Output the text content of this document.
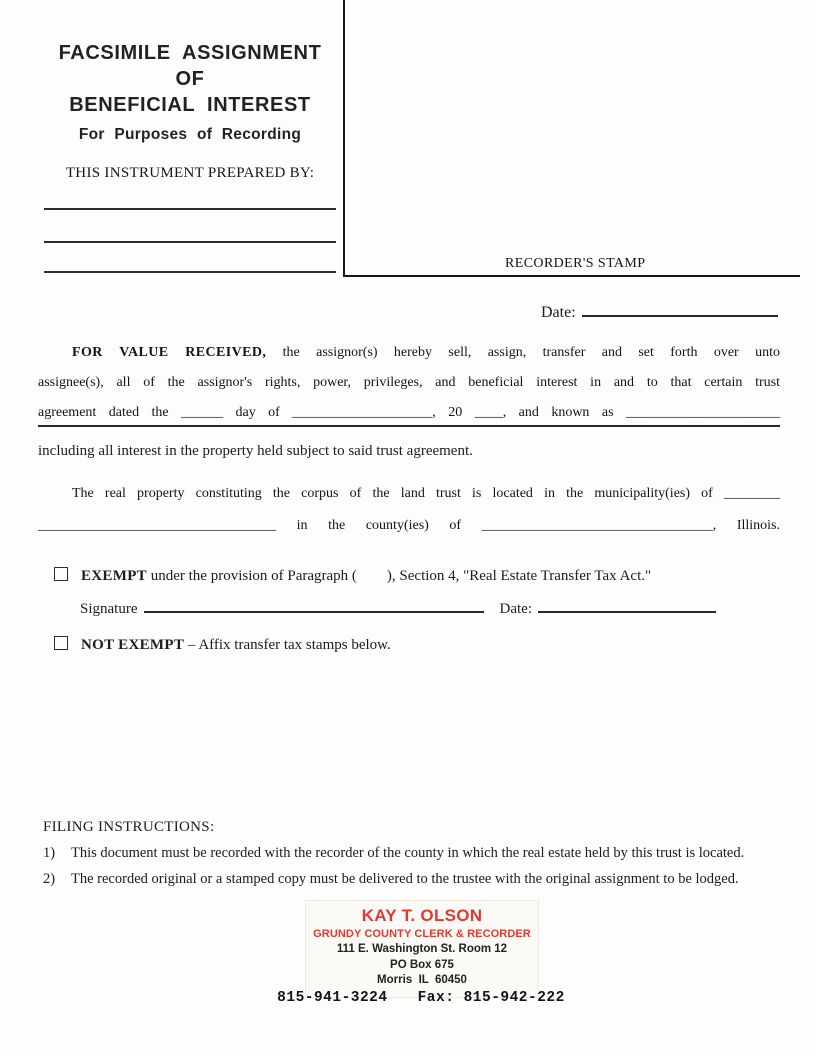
FACSIMILE ASSIGNMENT
OF
BENEFICIAL INTEREST
For Purposes of Recording
THIS INSTRUMENT PREPARED BY:
RECORDER'S STAMP
Date:
FOR VALUE RECEIVED, the assignor(s) hereby sell, assign, transfer and set forth over unto
assignee(s), all of the assignor's rights, power, privileges, and beneficial interest in and to that certain trust
agreement dated the ______ day of ____________________, 20 ____, and known as ______________________
including all interest in the property held subject to said trust agreement.
The real property constituting the corpus of the land trust is located in the municipality(ies) of ________
__________________________________ in the county(ies) of _________________________________, Illinois.
EXEMPT under the provision of Paragraph (        ), Section 4, "Real Estate Transfer Tax Act."
Signature	Date:
NOT EXEMPT – Affix transfer tax stamps below.
FILING INSTRUCTIONS:
1)	This document must be recorded with the recorder of the county in which the real estate held by this trust is located.
2)	The recorded original or a stamped copy must be delivered to the trustee with the original assignment to be lodged.
KAY T. OLSON
GRUNDY COUNTY CLERK & RECORDER
111 E. Washington St. Room 12
PO Box 675
Morris  IL  60450
815-941-3224 Fax: 815-942-222
